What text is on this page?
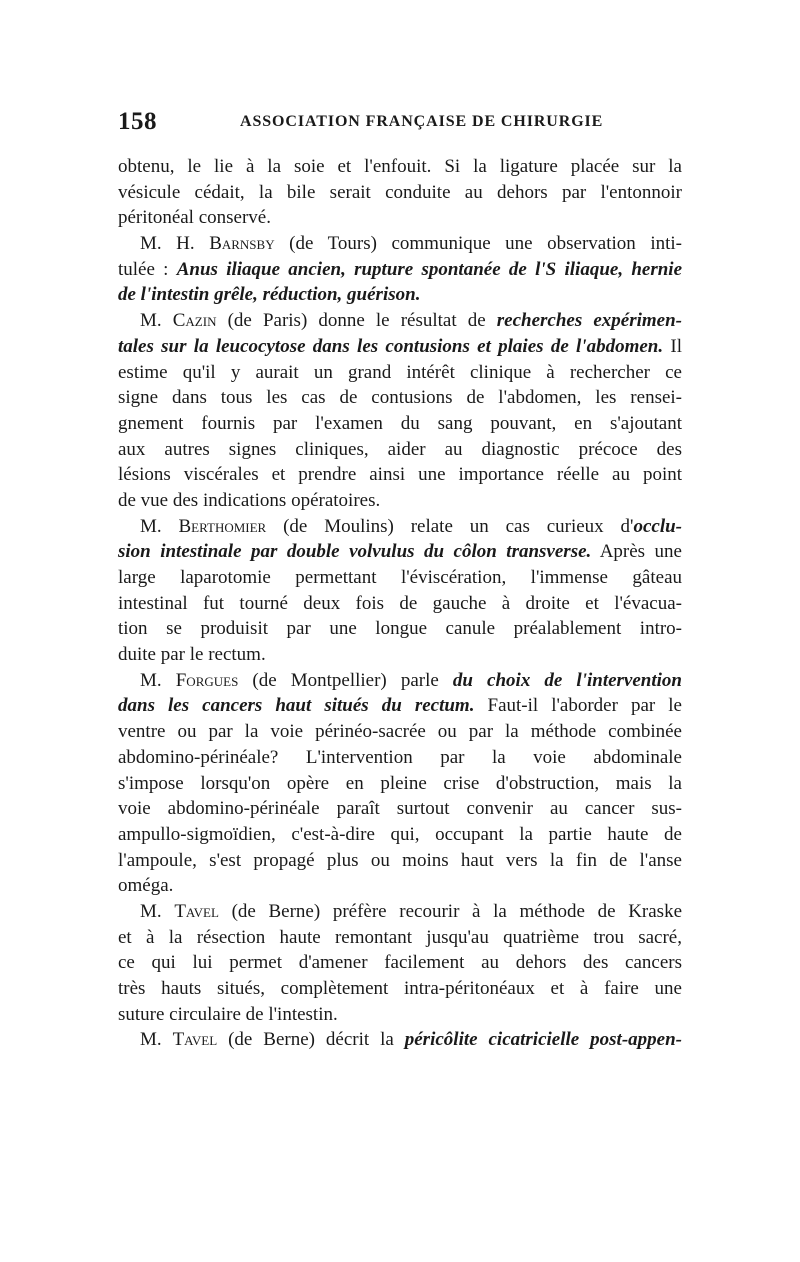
158	ASSOCIATION FRANÇAISE DE CHIRURGIE
obtenu, le lie à la soie et l'enfouit. Si la ligature placée sur la
vésicule cédait, la bile serait conduite au dehors par l'entonnoir
péritonéal conservé.
M. H. Barnsby (de Tours) communique une observation inti-
tulée : Anus iliaque ancien, rupture spontanée de l'S iliaque, hernie
de l'intestin grêle, réduction, guérison.
M. Cazin (de Paris) donne le résultat de recherches expérimen-
tales sur la leucocytose dans les contusions et plaies de l'abdomen. Il
estime qu'il y aurait un grand intérêt clinique à rechercher ce
signe dans tous les cas de contusions de l'abdomen, les rensei-
gnement fournis par l'examen du sang pouvant, en s'ajoutant
aux autres signes cliniques, aider au diagnostic précoce des
lésions viscérales et prendre ainsi une importance réelle au point
de vue des indications opératoires.
M. Berthomier (de Moulins) relate un cas curieux d'occlu-
sion intestinale par double volvulus du côlon transverse. Après une
large laparotomie permettant l'éviscération, l'immense gâteau
intestinal fut tourné deux fois de gauche à droite et l'évacua-
tion se produisit par une longue canule préalablement intro-
duite par le rectum.
M. Forgues (de Montpellier) parle du choix de l'intervention
dans les cancers haut situés du rectum. Faut-il l'aborder par le
ventre ou par la voie périnéo-sacrée ou par la méthode combinée
abdomino-périnéale? L'intervention par la voie abdominale
s'impose lorsqu'on opère en pleine crise d'obstruction, mais la
voie abdomino-périnéale paraît surtout convenir au cancer sus-
ampullo-sigmoïdien, c'est-à-dire qui, occupant la partie haute de
l'ampoule, s'est propagé plus ou moins haut vers la fin de l'anse
oméga.
M. Tavel (de Berne) préfère recourir à la méthode de Kraske
et à la résection haute remontant jusqu'au quatrième trou sacré,
ce qui lui permet d'amener facilement au dehors des cancers
très hauts situés, complètement intra-péritonéaux et à faire une
suture circulaire de l'intestin.
M. Tavel (de Berne) décrit la péricôlite cicatricielle post-appen-
